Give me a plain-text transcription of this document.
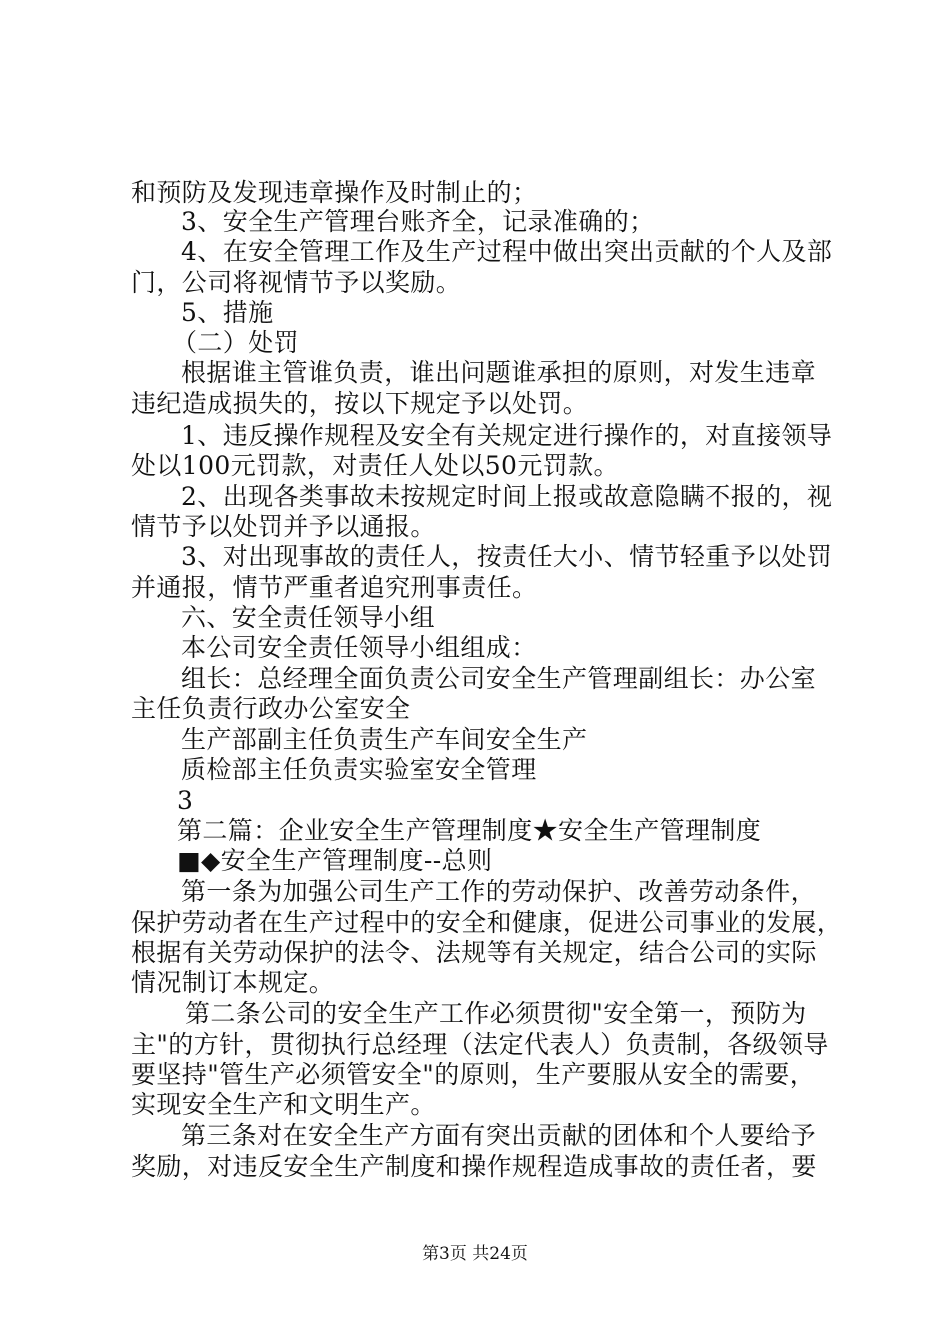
和预防及发现违章操作及时制止的；
3、安全生产管理台账齐全，记录准确的；
4、在安全管理工作及生产过程中做出突出贡献的个人及部
门，公司将视情节予以奖励。
5、措施
（二）处罚
根据谁主管谁负责，谁出问题谁承担的原则，对发生违章
违纪造成损失的，按以下规定予以处罚。
1、违反操作规程及安全有关规定进行操作的，对直接领导
处以100元罚款，对责任人处以50元罚款。
2、出现各类事故未按规定时间上报或故意隐瞒不报的，视
情节予以处罚并予以通报。
3、对出现事故的责任人，按责任大小、情节轻重予以处罚
并通报，情节严重者追究刑事责任。
六、安全责任领导小组
本公司安全责任领导小组组成：
组长：总经理全面负责公司安全生产管理副组长：办公室
主任负责行政办公室安全
生产部副主任负责生产车间安全生产
质检部主任负责实验室安全管理
3
第二篇：企业安全生产管理制度★安全生产管理制度
■◆安全生产管理制度--总则
第一条为加强公司生产工作的劳动保护、改善劳动条件，
保护劳动者在生产过程中的安全和健康，促进公司事业的发展，
根据有关劳动保护的法令、法规等有关规定，结合公司的实际
情况制订本规定。
第二条公司的安全生产工作必须贯彻"安全第一，预防为
主"的方针，贯彻执行总经理（法定代表人）负责制，各级领导
要坚持"管生产必须管安全"的原则，生产要服从安全的需要，
实现安全生产和文明生产。
第三条对在安全生产方面有突出贡献的团体和个人要给予
奖励，对违反安全生产制度和操作规程造成事故的责任者，要
第3页 共24页
